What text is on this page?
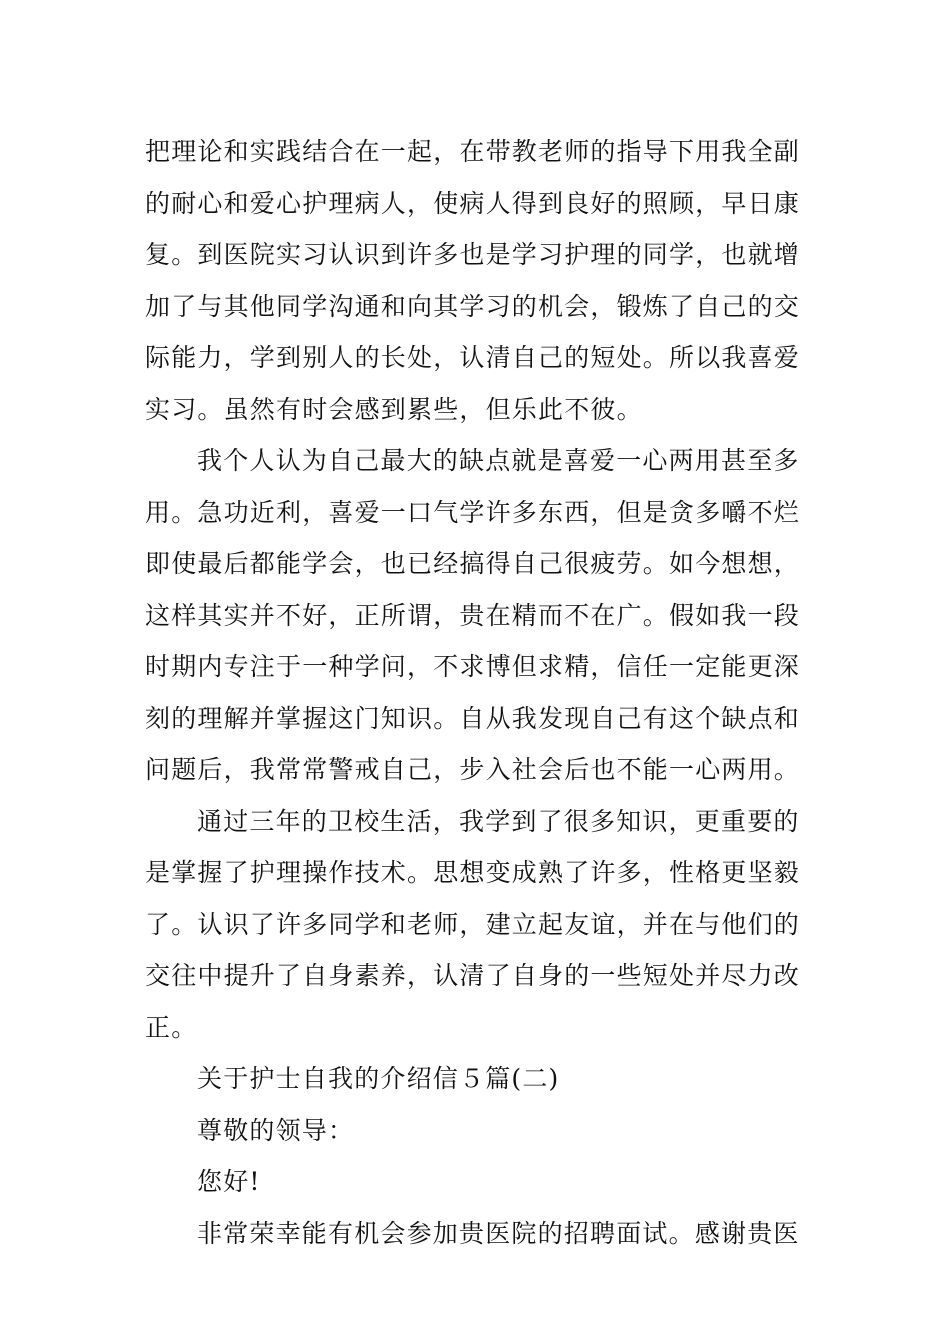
把理论和实践结合在一起，在带教老师的指导下用我全副

的耐心和爱心护理病人，使病人得到良好的照顾，早日康

复。到医院实习认识到许多也是学习护理的同学，也就增

加了与其他同学沟通和向其学习的机会，锻炼了自己的交

际能力，学到别人的长处，认清自己的短处。所以我喜爱

实习。虽然有时会感到累些，但乐此不彼。

我个人认为自己最大的缺点就是喜爱一心两用甚至多

用。急功近利，喜爱一口气学许多东西，但是贪多嚼不烂

即使最后都能学会，也已经搞得自己很疲劳。如今想想，

这样其实并不好，正所谓，贵在精而不在广。假如我一段

时期内专注于一种学问，不求博但求精，信任一定能更深

刻的理解并掌握这门知识。自从我发现自己有这个缺点和

问题后，我常常警戒自己，步入社会后也不能一心两用。

通过三年的卫校生活，我学到了很多知识，更重要的

是掌握了护理操作技术。思想变成熟了许多，性格更坚毅

了。认识了许多同学和老师，建立起友谊，并在与他们的

交往中提升了自身素养，认清了自身的一些短处并尽力改

正。

关于护士自我的介绍信５篇(二)

尊敬的领导：

您好!

非常荣幸能有机会参加贵医院的招聘面试。感谢贵医
